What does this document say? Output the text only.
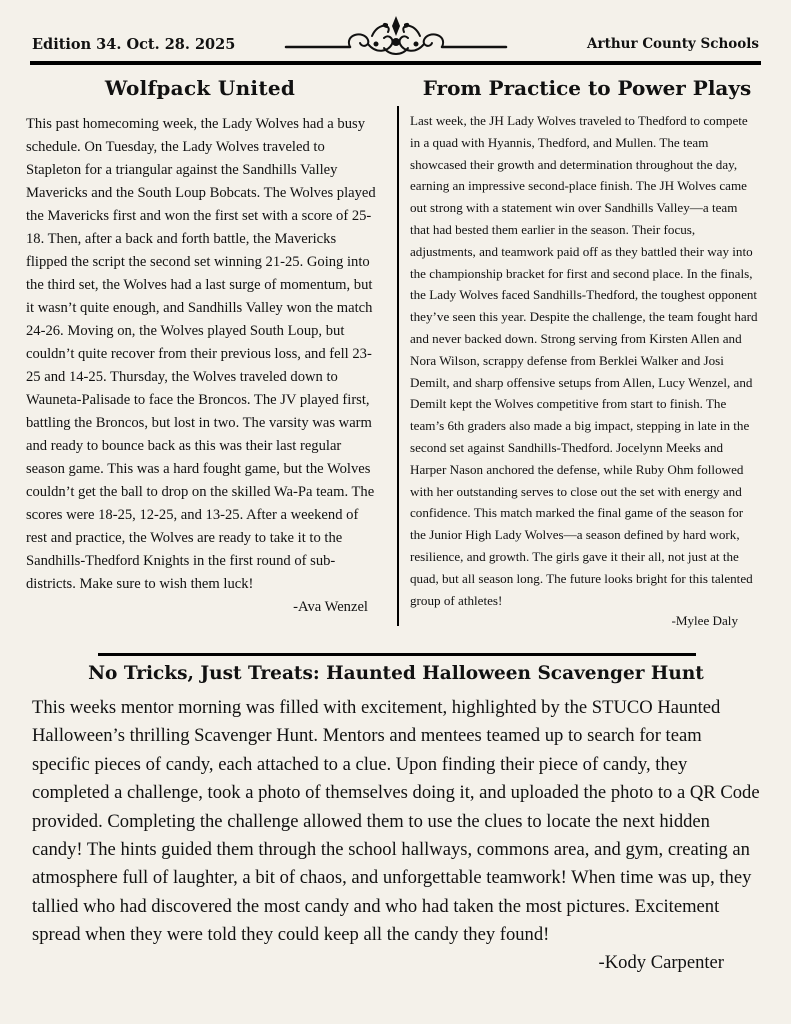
Edition 34. Oct. 28. 2025	Arthur County Schools
Wolfpack United

This past homecoming week, the Lady Wolves had a busy schedule. On Tuesday, the Lady Wolves traveled to Stapleton for a triangular against the Sandhills Valley Mavericks and the South Loup Bobcats. The Wolves played the Mavericks first and won the first set with a score of 25-18. Then, after a back and forth battle, the Mavericks flipped the script the second set winning 21-25. Going into the third set, the Wolves had a last surge of momentum, but it wasn’t quite enough, and Sandhills Valley won the match 24-26. Moving on, the Wolves played South Loup, but couldn’t quite recover from their previous loss, and fell 23-25 and 14-25. Thursday, the Wolves traveled down to Wauneta-Palisade to face the Broncos. The JV played first, battling the Broncos, but lost in two. The varsity was warm and ready to bounce back as this was their last regular season game. This was a hard fought game, but the Wolves couldn’t get the ball to drop on the skilled Wa-Pa team. The scores were 18-25, 12-25, and 13-25. After a weekend of rest and practice, the Wolves are ready to take it to the Sandhills-Thedford Knights in the first round of sub-districts. Make sure to wish them luck!

-Ava Wenzel

From Practice to Power Plays

Last week, the JH Lady Wolves traveled to Thedford to compete in a quad with Hyannis, Thedford, and Mullen. The team showcased their growth and determination throughout the day, earning an impressive second-place finish. The JH Wolves came out strong with a statement win over Sandhills Valley—a team that had bested them earlier in the season. Their focus, adjustments, and teamwork paid off as they battled their way into the championship bracket for first and second place. In the finals, the Lady Wolves faced Sandhills-Thedford, the toughest opponent they’ve seen this year. Despite the challenge, the team fought hard and never backed down. Strong serving from Kirsten Allen and Nora Wilson, scrappy defense from Berklei Walker and Josi Demilt, and sharp offensive setups from Allen, Lucy Wenzel, and Demilt kept the Wolves competitive from start to finish. The team’s 6th graders also made a big impact, stepping in late in the second set against Sandhills-Thedford. Jocelynn Meeks and Harper Nason anchored the defense, while Ruby Ohm followed with her outstanding serves to close out the set with energy and confidence. This match marked the final game of the season for the Junior High Lady Wolves—a season defined by hard work, resilience, and growth. The girls gave it their all, not just at the quad, but all season long. The future looks bright for this talented group of athletes!

-Mylee Daly

No Tricks, Just Treats: Haunted Halloween Scavenger Hunt

This weeks mentor morning was filled with excitement, highlighted by the STUCO Haunted Halloween’s thrilling Scavenger Hunt. Mentors and mentees teamed up to search for team specific pieces of candy, each attached to a clue. Upon finding their piece of candy, they completed a challenge, took a photo of themselves doing it, and uploaded the photo to a QR Code provided. Completing the challenge allowed them to use the clues to locate the next hidden candy! The hints guided them through the school hallways, commons area, and gym, creating an atmosphere full of laughter, a bit of chaos, and unforgettable teamwork! When time was up, they tallied who had discovered the most candy and who had taken the most pictures. Excitement spread when they were told they could keep all the candy they found!

-Kody Carpenter
